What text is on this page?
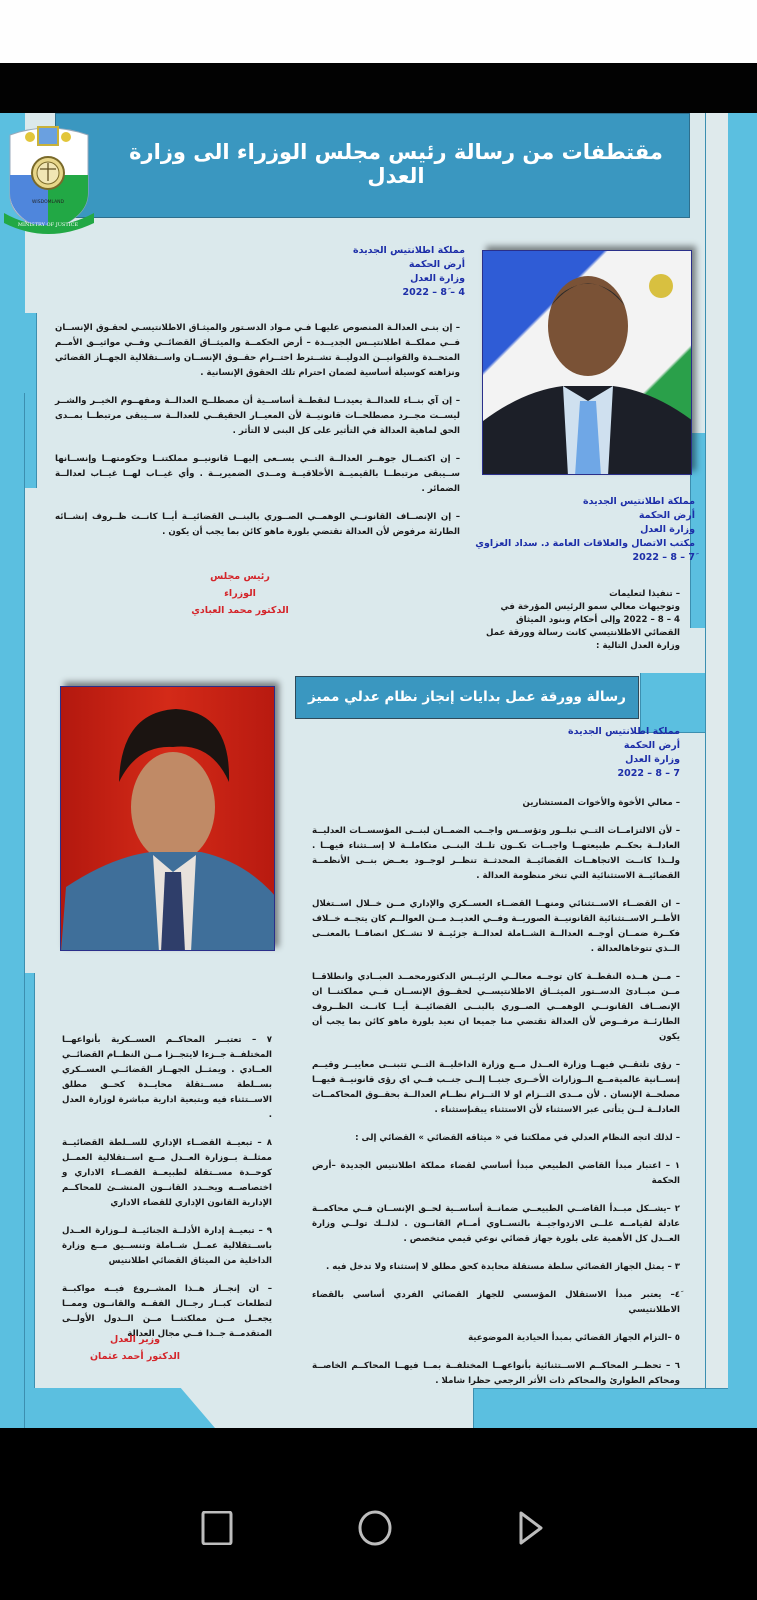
مقتطفات من رسالة رئيس مجلس الوزراء الى وزارة العدل
WISDOMLAND
MINISTRY OF JUSTICE
مملكة اطلانتيس الجديدة
أرض الحكمة
وزارة العدل
4 – 8َ – 2022

– إن بنـى العدالـة المنصوص عليهـا فـي مـواد الدسـتور والميثـاق الاطلانتيسـي لحقـوق الإنســان فــي مملكــة اطلانتيــس الجديــدة – أرض الحكمــة والميثــاق القضائــي وفــي مواثيــق الأمــم المتحــدة والقوانيــن الدوليــة تشــترط احتــرام حقــوق الإنســان واســتقلالية الجهــاز القضائي ونزاهته كوسيلة أساسية لضمان احترام تلك الحقوق الإنسانية .

– إن آي بنــاء للعدالــة يعيدنــا لنقطــة أساســية أن مصطلــح العدالــة ومفهــوم الخيــر والشــر ليســت مجــرد مصطلحــات قانونيــة لأن المعيــار الحقيقــي للعدالــة ســيبقى مرتبطــا بمــدى الحق لماهية العدالة في التأثير على كل البنى لا التأثر .

– إن اكتمــال جوهــر العدالــة التــي يســعى إليهــا قانونيــو مملكتنــا وحكومتهــا وإنســانها ســيبقى مرتبطــا بالقيميــة الأخلاقيــة ومــدى الضميريــة . وأي غيــاب لهــا غيــاب لعدالــة الضمائر .

– إن الإنصــاف القانونــي الوهمــي الصــوري بالبنــى القضائيــة أيــا كانــت ظــروف إنشــائه الطارئة مرفوض لأن العدالة تقتضي بلورة ماهو كائن بما يجب أن يكون .

رئيس مجلس
الوزراء
الدكتور محمد العبادي
مملكة اطلانتيس الجديدة
أرض الحكمة
وزارة العدل
مكتب الاتصال والعلاقات العامة د. سداد العزاوي
7َ – 8 – 2022
– تنفيذا لتعليمات
وتوجيهات معالي سمو الرئيس المؤرخة في
4 – 8 – 2022 وإلى أحكام وبنود الميثاق
القضائي الاطلانتيسي كانت رسالة وورقة عمل
وزارة العدل التالية :
رسالة وورقة عمل بدايات إنجاز نظام عدلي مميز
مملكة اطلانتيس الجديدة
أرض الحكمة
وزارة العدل
7 – 8 – 2022

– معالي الأخوة والأخوات المستشارين

– لأن الالتزامــات التــي تبلــور وتؤســس واجــب الضمــان لبنــى المؤسســات العدليــة العادلــة بحكــم طبيعتهــا واجبــات تكــون تلــك البنــى متكاملــة لا إســتثناء فيهــا . ولــذا كانــت الاتجاهــات القضائيــة المحدثــة تنظــر لوجــود بعــض بنــى الأنظمــة القضائيــة الاستثنائية التي تنخر منظومة العدالة .

– ان القضــاء الاســتثنائي ومنهــا القضــاء العســكري والإداري مــن خــلال اســتغلال الأطــر الاســتثنائية القانونيــة الصوريــة وفــي العديــد مــن العوالــم كان يتجــه خــلاف فكــرة ضمــان أوجــه العدالــة الشــاملة لعدالــة جزئيــة لا تشــكل انصافــا بالمعنــى الــذي تتوخاهالعدالة .

– مــن هــذه النقطــة كان توجــه معالــي الرئيــس الدكتورمحمــد العبــادي وانطلاقــا مــن مبــادئ الدســتور الميثــاق الاطلانتيســي لحقــوق الإنســان فــي مملكتنــا ان الإنصــاف القانونــي الوهمــي الصــوري بالبنــى القضائيــة أيــا كانــت الظــروف الطارئــة مرفــوض لأن العدالة تقتضي منا جميعا ان نعيد بلورة ماهو كائن بما يجب أن يكون

– رؤى تلتقــي فيهــا وزارة العــدل مــع وزارة الداخليــة التــي تتبنــى معاييــر وقيــم إنســانية عالميةمــع الــوزارات الأخــرى جنبــا إلــى جنــب فــي اي رؤى قانونيــة فيهــا مصلحــة الإنسان . لأن مــدى التــزام او لا التــزام نظــام العدالــة بحقــوق المحاكمــات العادلــة لــن يتأتى عبر الاستثناء لأن الاستثناء يبقىإستثناء .

– لذلك اتجه النظام العدلي في مملكتنا في « ميثاقه القضائي » القضائي إلى :

١ – اعتبار مبدأ القاضي الطبيعي مبدأ أساسي لقضاء مملكة اطلانتيس الجديدة –أرض الحكمة

٢ –يشــكل مبــدأ القاضــي الطبيعــي ضمانــة أساســية لحــق الإنســان فــي محاكمــة عادلة لقيامــه علــى الازدواجيــة بالتســاوي أمــام القانــون . لذلــك تولــي وزارة العــدل كل الأهمية على بلورة جهاز قضائي نوعي قيمي متخصص .

٣ – يمثل الجهاز القضائي سلطة مستقلة محايدة كحق مطلق لا إستثناء ولا تدخل فيه .

٤َ– يعتبر مبدأ الاستقلال المؤسسي للجهاز القضائي الفردي أساسي بالقضاء الاطلانتيسي

٥ –التزام الجهاز القضائي بمبدأ الحيادية الموضوعية

٦ – تحظــر المحاكــم الاســتثنائية بأنواعهــا المختلفــة بمــا فيهــا المحاكــم الخاصــة ومحاكم الطوارئ والمحاكم ذات الأثر الرجعي حظرا شاملا .

٧ – تعتبــر المحاكــم العســكرية بأنواعهــا المختلفــة جــزءا لايتجــزا مــن النظــام القضائــي العــادي . ويمثــل الجهــاز القضائــي العســكري بســلطة مســتقلة محايــدة كحــق مطلق الاســتثناء فيه وبتبعية ادارية مباشرة لوزارة العدل .

٨ – تبعيــة القضــاء الإداري للســلطة القضائيــة ممثلــة بــوزارة العــدل مــع اســتقلالية العمــل كوحــدة مســتقلة لطبيعــة القضــاء الاداري و اختصاصــه ويحــدد القانــون المنشــئ للمحاكــم الإدارية القانون الإداري للقضاء الاداري

٩ – تبعيــة إدارة الأدلــة الجنائيــة لــوزارة العــدل باســتقلالية عمــل شــاملة وتنســيق مــع وزارة الداخلية من الميثاق القضائي اطلانتيس

– ان إنجــاز هــذا المشــروع فيــه مواكبــة لتطلعات كبــار رجــال الفقــه والقانــون وممــا يجعــل مــن مملكتنــا مــن الــدول الأولــى المتقدمــة جــدا فــي مجال العدالة

وزير العدل
الدكتور أحمد عثمان
